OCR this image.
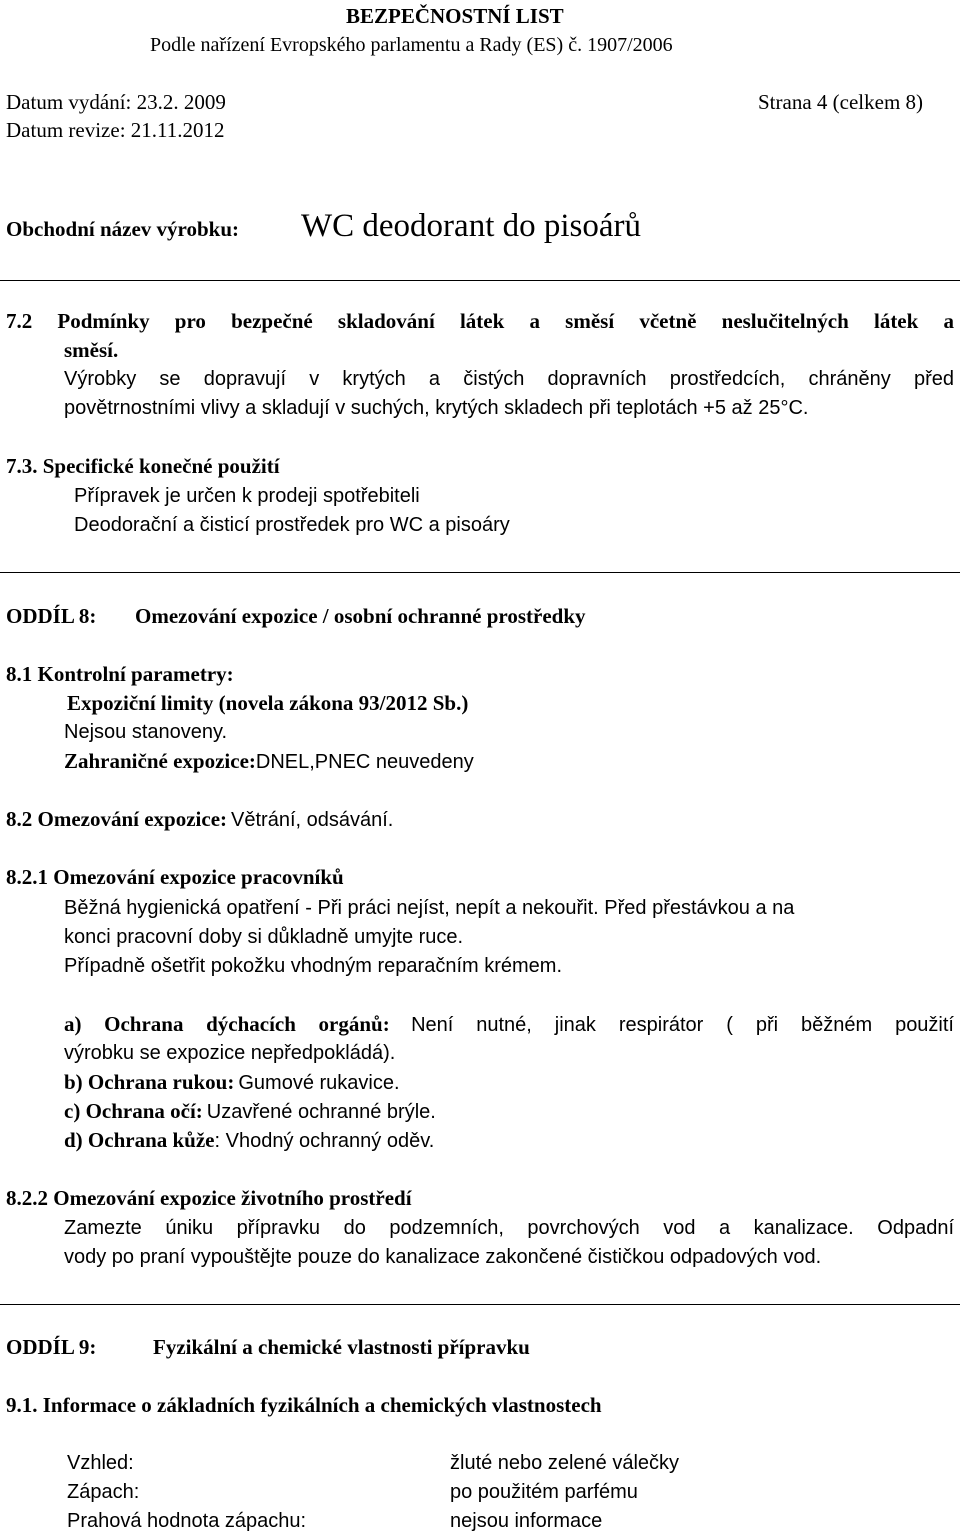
BEZPEČNOSTNÍ LIST
Podle nařízení Evropského parlamentu a Rady (ES) č. 1907/2006
Datum vydání: 23.2. 2009	Strana 4 (celkem 8)
Datum revize: 21.11.2012
Obchodní název výrobku: WC deodorant do pisoárů
7.2 Podmínky pro bezpečné skladování látek a směsí včetně neslučitelných látek a
směsí.
Výrobky se dopravují v krytých a čistých dopravních prostředcích, chráněny před
povětrnostními vlivy a skladují v suchých, krytých skladech při teplotách +5 až 25°C.
7.3. Specifické konečné použití
Přípravek je určen k prodeji spotřebiteli
Deodorační a čisticí prostředek pro WC a pisoáry
ODDÍL 8: Omezování expozice / osobní ochranné prostředky
8.1 Kontrolní parametry:
Expoziční limity (novela zákona 93/2012 Sb.)
Nejsou stanoveny.
Zahraničné expozice:DNEL,PNEC neuvedeny
8.2 Omezování expozice: Větrání, odsávání.
8.2.1 Omezování expozice pracovníků
Běžná hygienická opatření - Při práci nejíst, nepít a nekouřit. Před přestávkou a na
konci pracovní doby si důkladně umyjte ruce.
Případně ošetřit pokožku vhodným reparačním krémem.
a) Ochrana dýchacích orgánů: Není nutné, jinak respirátor ( při běžném použití
výrobku se expozice nepředpokládá).
b) Ochrana rukou: Gumové rukavice.
c) Ochrana očí: Uzavřené ochranné brýle.
d) Ochrana kůže: Vhodný ochranný oděv.
8.2.2 Omezování expozice životního prostředí
Zamezte úniku přípravku do podzemních, povrchových vod a kanalizace. Odpadní
vody po praní vypouštějte pouze do kanalizace zakončené čističkou odpadových vod.
ODDÍL 9:	Fyzikální a chemické vlastnosti přípravku
9.1. Informace o základních fyzikálních a chemických vlastnostech
Vzhled:	žluté nebo zelené válečky
Zápach:	po použitém parfému
Prahová hodnota zápachu:	nejsou informace
